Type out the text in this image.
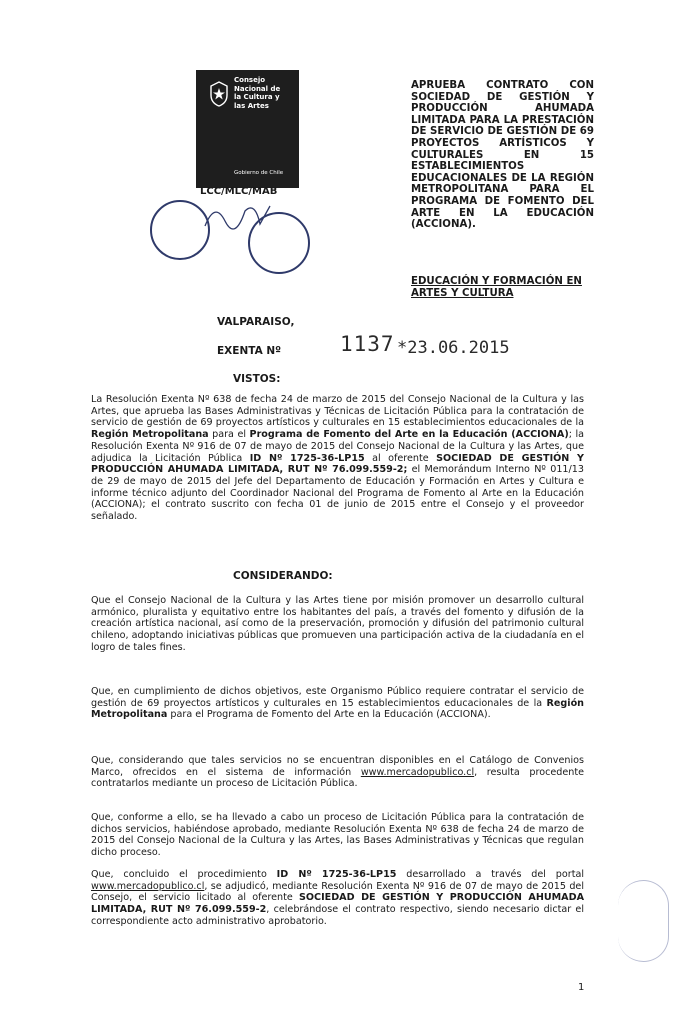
Consejo
Nacional de
la Cultura y
las Artes
Gobierno de Chile
LCC/MLC/MAB
APRUEBA CONTRATO CON SOCIEDAD DE GESTIÓN Y PRODUCCIÓN AHUMADA LIMITADA PARA LA PRESTACIÓN DE SERVICIO DE GESTIÓN DE 69 PROYECTOS ARTÍSTICOS Y CULTURALES EN 15 ESTABLECIMIENTOS EDUCACIONALES DE LA REGIÓN METROPOLITANA PARA EL PROGRAMA DE FOMENTO DEL ARTE EN LA EDUCACIÓN (ACCIONA).
EDUCACIÓN Y FORMACIÓN EN ARTES Y CULTURA
VALPARAISO,
EXENTA Nº	1137 *23.06.2015
VISTOS:
La Resolución Exenta Nº 638 de fecha 24 de marzo de 2015 del Consejo Nacional de la Cultura y las Artes, que aprueba las Bases Administrativas y Técnicas de Licitación Pública para la contratación de servicio de gestión de 69 proyectos artísticos y culturales en 15 establecimientos educacionales de la Región Metropolitana para el Programa de Fomento del Arte en la Educación (ACCIONA); la Resolución Exenta Nº 916 de 07 de mayo de 2015 del Consejo Nacional de la Cultura y las Artes, que adjudica la Licitación Pública ID Nº 1725-36-LP15 al oferente SOCIEDAD DE GESTIÓN Y PRODUCCIÓN AHUMADA LIMITADA, RUT Nº 76.099.559-2; el Memorándum Interno Nº 011/13 de 29 de mayo de 2015 del Jefe del Departamento de Educación y Formación en Artes y Cultura e informe técnico adjunto del Coordinador Nacional del Programa de Fomento al Arte en la Educación (ACCIONA); el contrato suscrito con fecha 01 de junio de 2015 entre el Consejo y el proveedor señalado.
CONSIDERANDO:
Que el Consejo Nacional de la Cultura y las Artes tiene por misión promover un desarrollo cultural armónico, pluralista y equitativo entre los habitantes del país, a través del fomento y difusión de la creación artística nacional, así como de la preservación, promoción y difusión del patrimonio cultural chileno, adoptando iniciativas públicas que promueven una participación activa de la ciudadanía en el logro de tales fines.
Que, en cumplimiento de dichos objetivos, este Organismo Público requiere contratar el servicio de gestión de 69 proyectos artísticos y culturales en 15 establecimientos educacionales de la Región Metropolitana para el Programa de Fomento del Arte en la Educación (ACCIONA).
Que, considerando que tales servicios no se encuentran disponibles en el Catálogo de Convenios Marco, ofrecidos en el sistema de información www.mercadopublico.cl, resulta procedente contratarlos mediante un proceso de Licitación Pública.
Que, conforme a ello, se ha llevado a cabo un proceso de Licitación Pública para la contratación de dichos servicios, habiéndose aprobado, mediante Resolución Exenta Nº 638 de fecha 24 de marzo de 2015 del Consejo Nacional de la Cultura y las Artes, las Bases Administrativas y Técnicas que regulan dicho proceso.
Que, concluido el procedimiento ID Nº 1725-36-LP15 desarrollado a través del portal www.mercadopublico.cl, se adjudicó, mediante Resolución Exenta Nº 916 de 07 de mayo de 2015 del Consejo, el servicio licitado al oferente SOCIEDAD DE GESTIÓN Y PRODUCCIÓN AHUMADA LIMITADA, RUT Nº 76.099.559-2, celebrándose el contrato respectivo, siendo necesario dictar el correspondiente acto administrativo aprobatorio.
1
